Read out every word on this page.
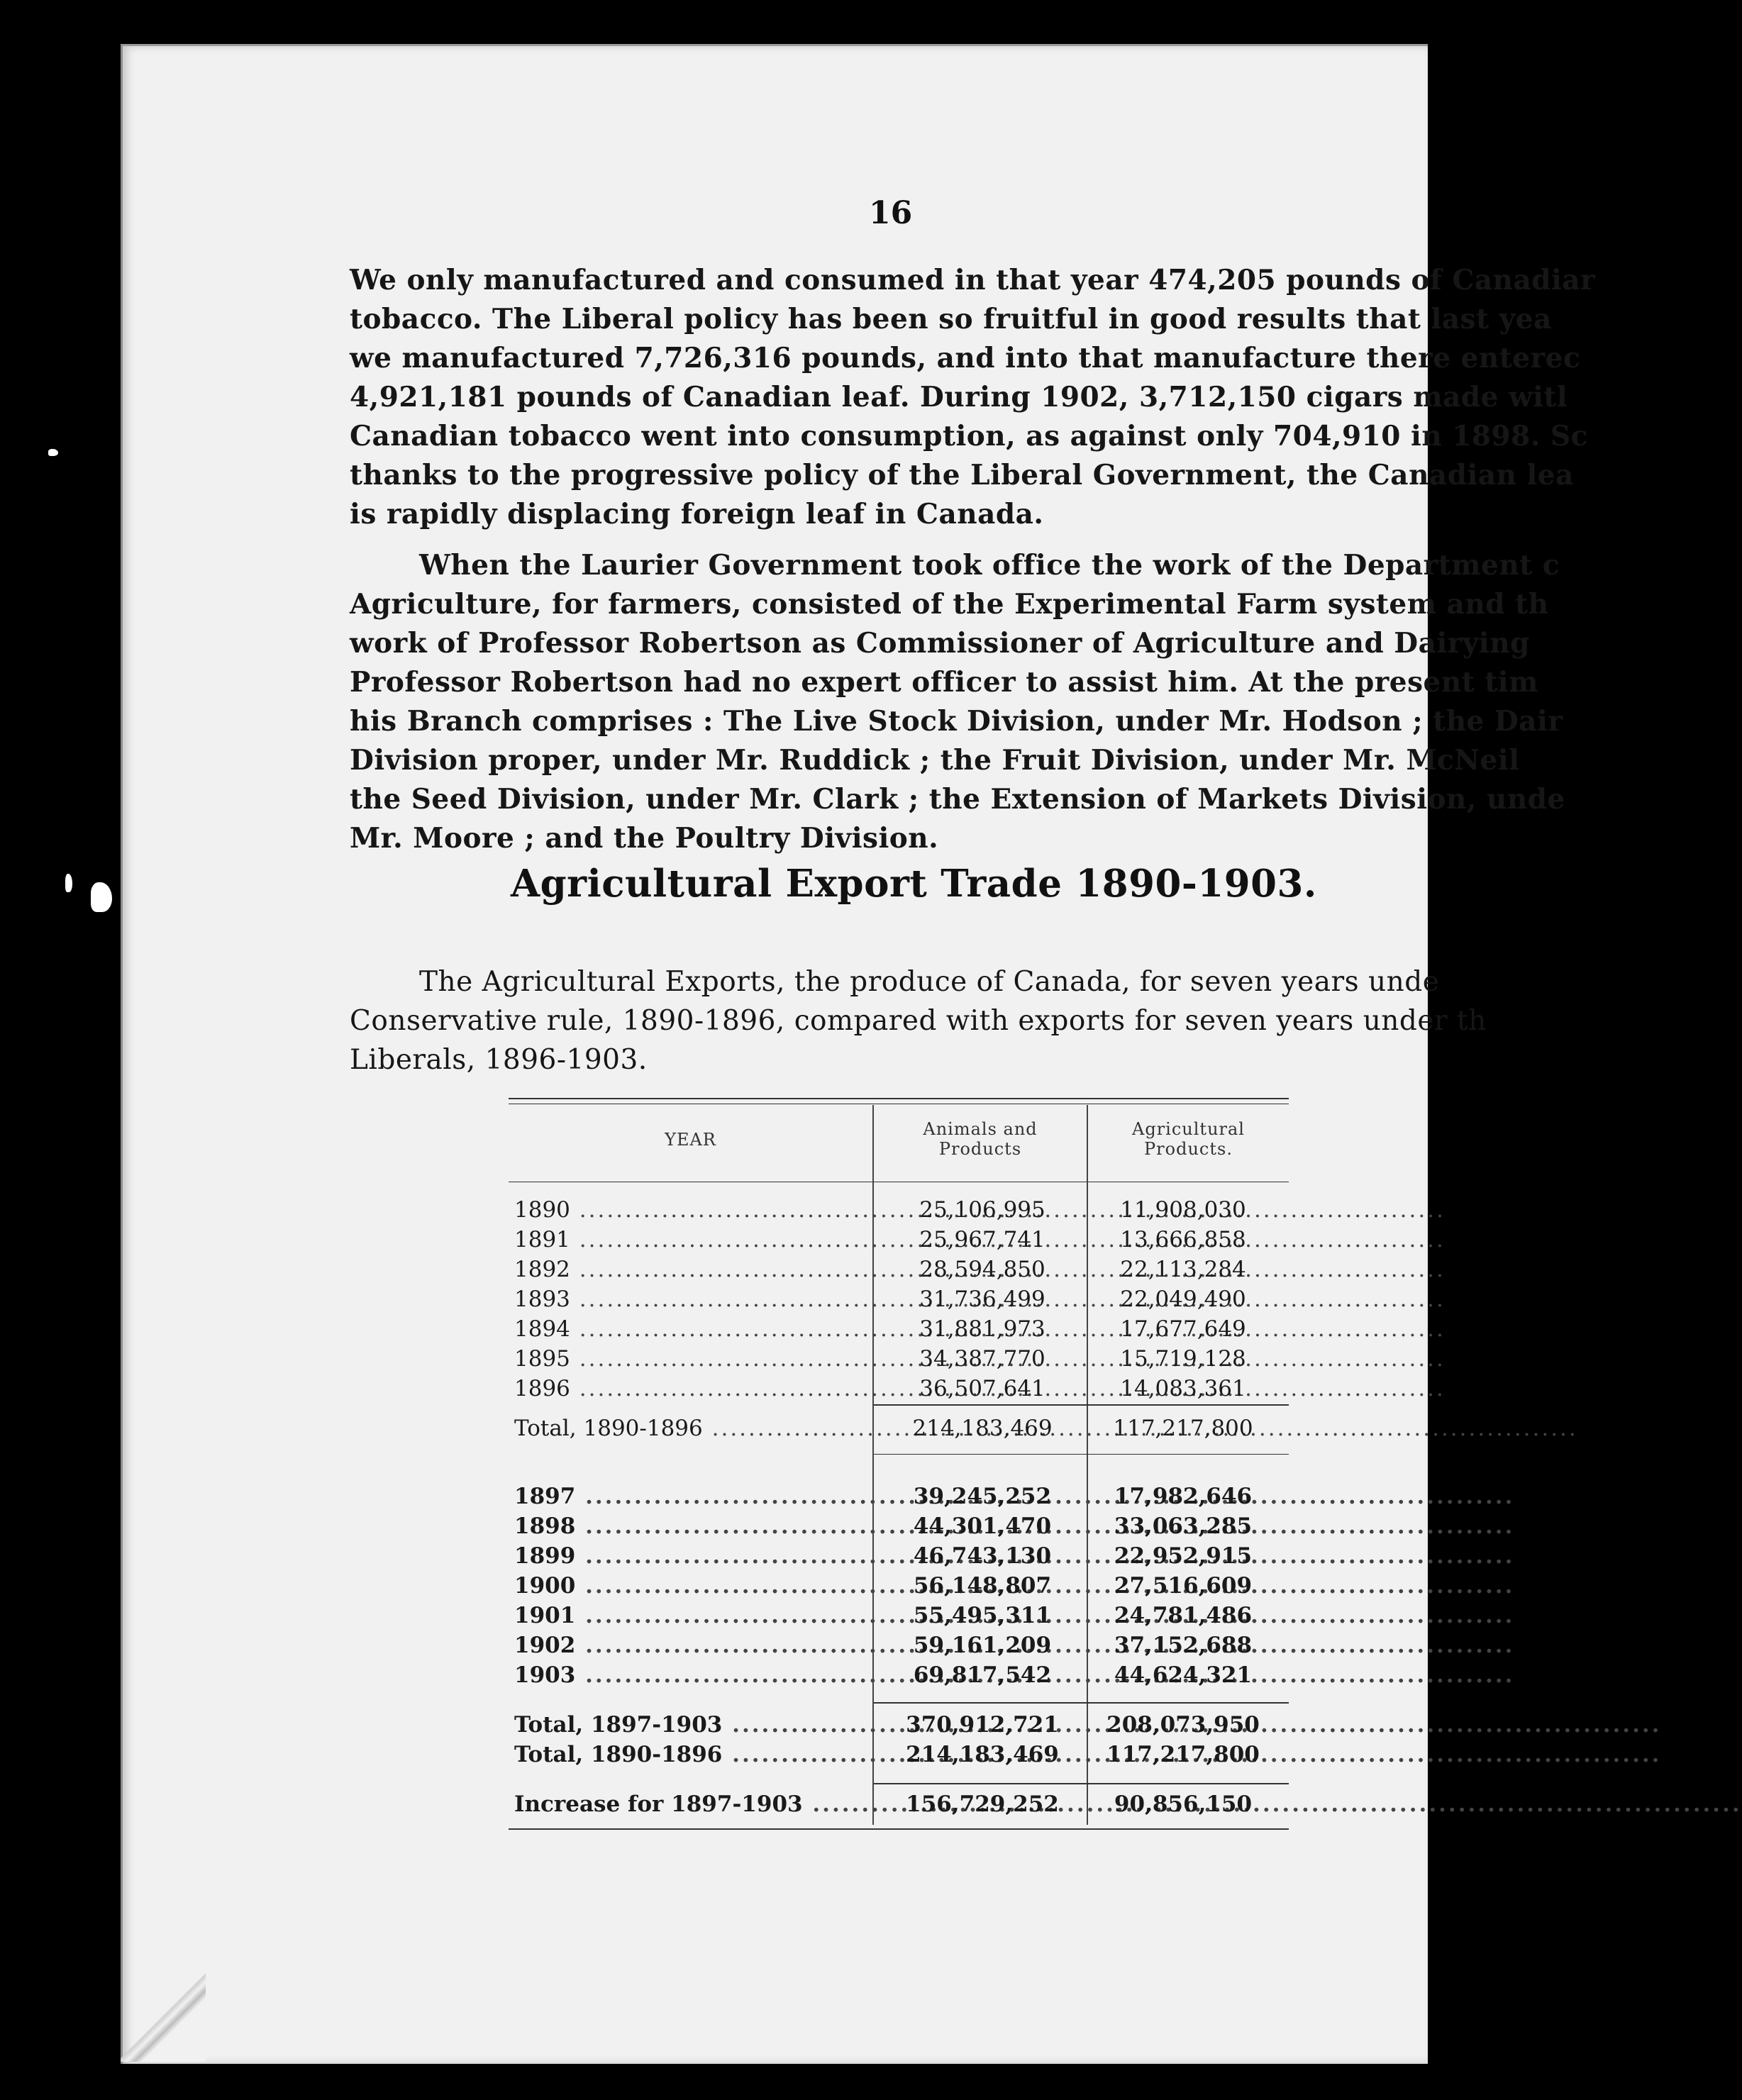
16
We only manufactured and consumed in that year 474,205 pounds of Canadiar
tobacco. The Liberal policy has been so fruitful in good results that last yea
we manufactured 7,726,316 pounds, and into that manufacture there enterec
4,921,181 pounds of Canadian leaf. During 1902, 3,712,150 cigars made witl
Canadian tobacco went into consumption, as against only 704,910 in 1898. Sc
thanks to the progressive policy of the Liberal Government, the Canadian lea
is rapidly displacing foreign leaf in Canada.
When the Laurier Government took office the work of the Department c
Agriculture, for farmers, consisted of the Experimental Farm system and th
work of Professor Robertson as Commissioner of Agriculture and Dairying
Professor Robertson had no expert officer to assist him. At the present tim
his Branch comprises : The Live Stock Division, under Mr. Hodson ; the Dair
Division proper, under Mr. Ruddick ; the Fruit Division, under Mr. McNeil
the Seed Division, under Mr. Clark ; the Extension of Markets Division, unde
Mr. Moore ; and the Poultry Division.
Agricultural Export Trade 1890-1903.
The Agricultural Exports, the produce of Canada, for seven years unde
Conservative rule, 1890-1896, compared with exports for seven years under th
Liberals, 1896-1903.
YEAR
Animals and
Products
Agricultural
Products.
1890 .....	25,106,995	11,908,030
1891 .....	25,967,741	13,666,858
1892 .....	28,594,850	22,113,284
1893 .....	31,736,499	22,049,490
1894 .....	31,881,973	17,677,649
1895 .....	34,387,770	15,719,128
1896 .....	36,507,641	14,083,361
Total, 1890-1896 .....	214,183,469	117,217,800
1897 .....	39,245,252	17,982,646
1898 .....	44,301,470	33,063,285
1899 .....	46,743,130	22,952,915
1900 .....	56,148,807	27,516,609
1901 .....	55,495,311	24,781,486
1902 .....	59,161,209	37,152,688
1903 .....	69,817,542	44,624,321
Total, 1897-1903 .....	370,912,721	208,073,950
Total, 1890-1896 .....	214,183,469	117,217,800
Increase for 1897-1903 .....	156,729,252	90,856,150
